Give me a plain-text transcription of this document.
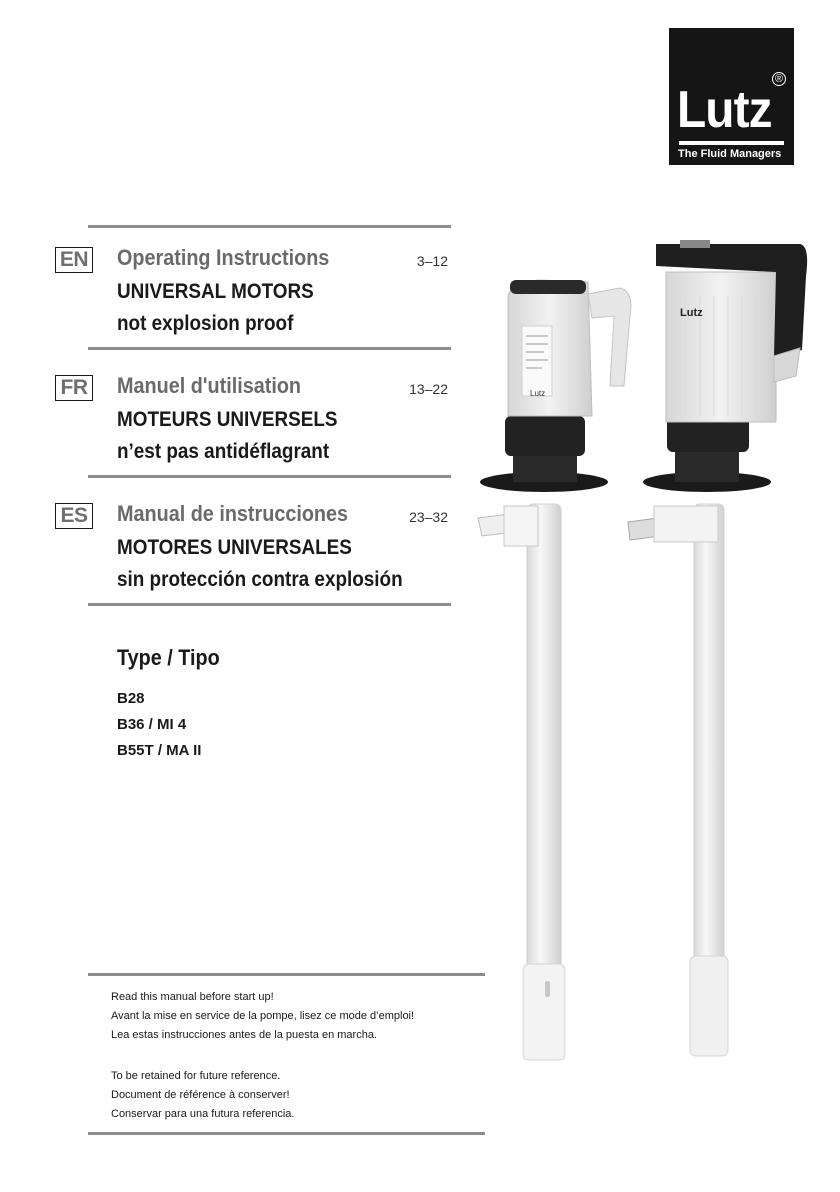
Lutz
®
The Fluid Managers
EN Operating Instructions	3–12
UNIVERSAL MOTORS
not explosion proof
FR Manuel d'utilisation	13–22
MOTEURS UNIVERSELS
n’est pas antidéflagrant
ES Manual de instrucciones	23–32
MOTORES UNIVERSALES
sin protección contra explosión
Type / Tipo
B28
B36 / MI 4
B55T / MA II
Read this manual before start up!
Avant la mise en service de la pompe, lisez ce mode d’emploi!
Lea estas instrucciones antes de la puesta en marcha.
To be retained for future reference.
Document de référence à conserver!
Conservar para una futura referencia.
Lutz
Lutz
